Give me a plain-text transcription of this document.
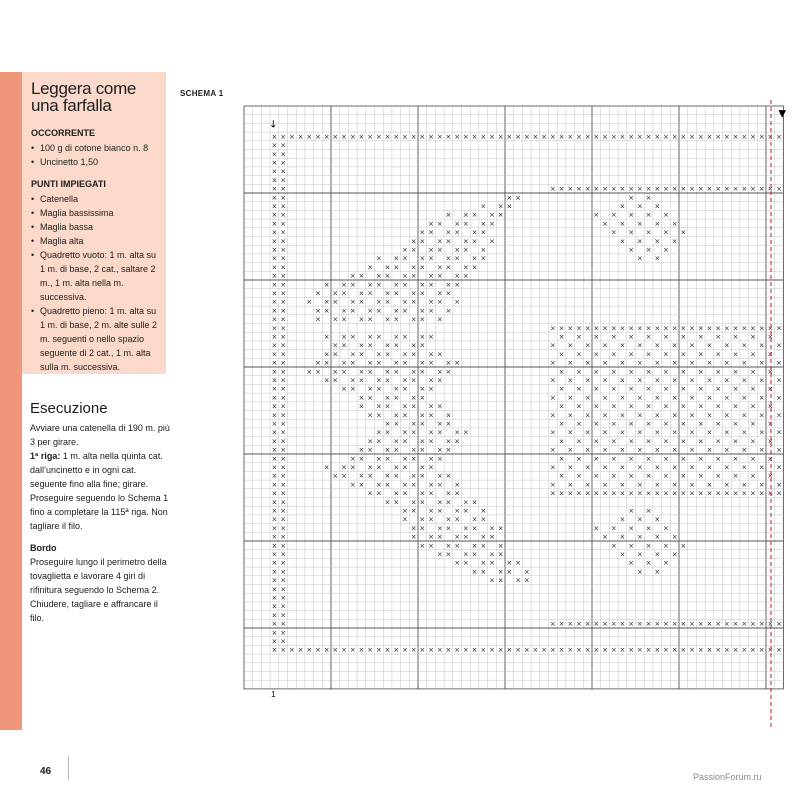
Leggera come
una farfalla
OCCORRENTE
• 100 g di cotone bianco n. 8
• Uncinetto 1,50
PUNTI IMPIEGATI
• Catenella
• Maglia bassissima
• Maglia bassa
• Maglia alta
• Quadretto vuoto: 1 m. alta su 1 m. di base, 2 cat., saltare 2 m., 1 m. alta nella m. successiva.
• Quadretto pieno: 1 m. alta su 1 m. di base, 2 m. alte sulle 2 m. seguenti o nello spazio seguente di 2 cat., 1 m. alta sulla m. successiva.
Esecuzione

Avviare una catenella di 190 m. più 3 per girare.

1ª riga: 1 m. alta nella quinta cat. dall’uncinetto e in ogni cat. seguente fino alla fine; girare. Proseguire seguendo lo Schema 1 fino a completare la 115ª riga. Non tagliare il filo.

Bordo

Proseguire lungo il perimetro della tovaglietta e lavorare 4 giri di rifinitura seguendo lo Schema 2. Chiudere, tagliare e affrancare il filo.

SCHEMA 1
×
×
×
×
×
×
×
×
×
×
×
×
×
×
×
×
×
×
×
×
×
×
×
×
×
×
×
×
×
×
×
×
×
×
×
×
×
×
×
×
×
×
×
×
×
×
×
×
×
×
×
×
×
×
×
×
×
×
×
×
×
×
×
×
×
×
×
×
×
×
×
×
×
×
×
×
×
×
×
×
×
×
×
×
×
×
×
×
×
×
×
×
×
×
×
×
×
×
×
×
×
×
×
×
×
×
×
×
×
×
×
×
×
×
×
×
×
×
× ×
× ×
× ×
× ×
× ×
× ×
× ×
× ×
× ×
× ×
× ×
× ×
× ×
× ×
× ×
× ×
× ×
× ×
× ×
× ×
× ×
× ×
× ×
× ×
× ×
× ×
× ×
× ×
× ×
× ×
× ×
× ×
× ×
× ×
× ×
× ×
× ×
× ×
× ×
× ×
× ×
× ×
× ×
× ×
× ×
× ×
× ×
× ×
× ×
× ×
× ×
× ×
× ×
× ×
× ×
× ×
× ×
× ×
×
×
×
×
×
×
×
×
×
×
×
×
×
×
×
×
×
×
×
×
×
×
×
×
×
×
×
×
×
×
×
×
×
×
×
×
×
×
×
×
×
×
×
×
×
×
×
×
×
×
×
×
×
×
×
×
×
×
×
×
×
×
×
×
×
×
×
×
×
×
×
×
×
×
×
×
×
×
×
×
×
×
×
×
×
×
×
×
×
×
×
×
×
×
×
×
×
×
×
×
×
×
×
×
×
×
×
×
× × × × × × × × × × × × ×
× × × × × × × × × × × × × ×
× × × × × × × × × × × × ×
× × × × × × × × × × × × × ×
× × × × × × × × × × × × ×
× × × × × × × × × × × × × ×
× × × × × × × × × × × × ×
× × × × × × × × × × × × × ×
× × × × × × × × × × × × ×
× × × × × × × × × × × × × ×
× × × × × × × × × × × × ×
× × × × × × × × × × × × × ×
× × × × × × × × × × × × ×
× × × × × × × × × × × × × ×
× × × × × × × × × × × × ×
× × × × × × × × × × × × × ×
× × × × × × × × × × × × ×
× × × × × × × × × × × × × ×
× ×
× × ×
× × × × ×
× × × × × ×
× × × × × ×
× × × × × × ×
× × × × × × ×
× × × × × × × × ×
× × × × × × × × ×
× × × × × × × × × ×
× × × × × × × × × × ×
× × × × × × × × × × ×
× × × × × × × × × × × ×
× × × × × × × × × × ×
× × × × × × × × × ×
× × × × × × × × ×
× × × × × × × ×
× × × × × × × × × ×
× × × × × × × × × × × ×
× × × × × × × × × × × ×
× × × × × × × × × ×
× × × × × × × ×
× × × × × ×
× × × × × × ×
× × × × × × ×
× × × × × ×
× × × × × × × ×
× × × × × × × ×
× × × × × × × ×
× × × × × × × ×
× × × × × × × × ×
× × × × × × × × × ×
× × × × × × × × ×
× × × × × × × ×
× × × × × × × ×
× × × × × × ×
× × × × × × ×
× × × × × × × ×
× × × × × × ×
× × × × × × ×
× × × × × ×
× × × × × ×
× × × × ×
× × × ×
× ×
× × ×
× × × × ×
× × × × ×
× × × × ×
× × × ×
× × ×
× ×
× ×
× × ×
× × × × ×
× × × × ×
× × × × ×
× × × ×
× × ×
× ×
↓
▼
1
46	PassionForum.ru
